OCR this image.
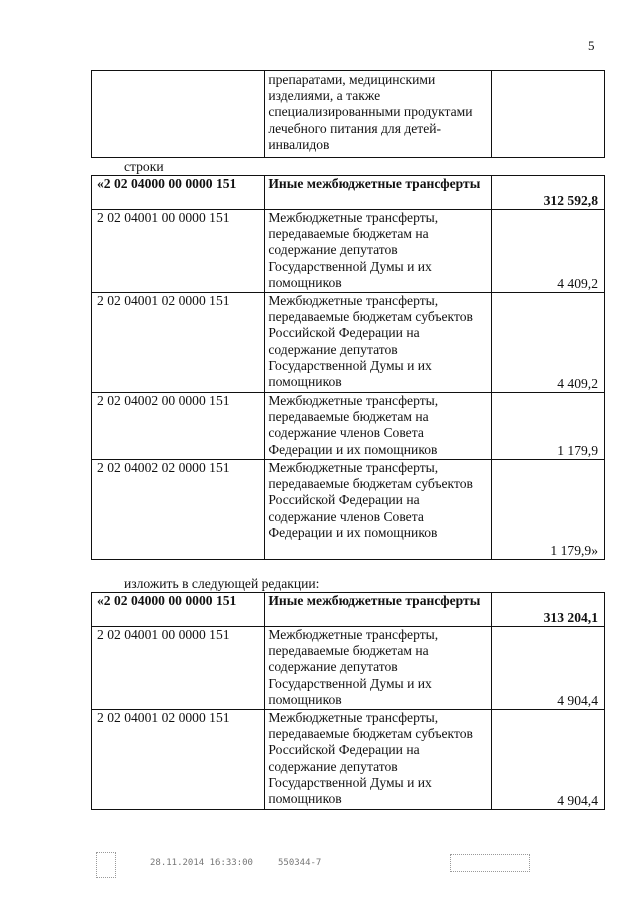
5
	препаратами, медицинскими изделиями, а также специализированными продуктами лечебного питания для детей-инвалидов	
строки
«2 02 04000 00 0000 151	Иные межбюджетные трансферты	312 592,8
2 02 04001 00 0000 151	Межбюджетные трансферты, передаваемые бюджетам на содержание депутатов Государственной Думы и их помощников	4 409,2
2 02 04001 02 0000 151	Межбюджетные трансферты, передаваемые бюджетам субъектов Российской Федерации на содержание депутатов Государственной Думы и их помощников	4 409,2
2 02 04002 00 0000 151	Межбюджетные трансферты, передаваемые бюджетам на содержание членов Совета Федерации и их помощников	1 179,9
2 02 04002 02 0000 151	Межбюджетные трансферты, передаваемые бюджетам субъектов Российской Федерации на содержание членов Совета Федерации и их помощников	1 179,9»
изложить в следующей редакции:
«2 02 04000 00 0000 151	Иные межбюджетные трансферты	313 204,1
2 02 04001 00 0000 151	Межбюджетные трансферты, передаваемые бюджетам на содержание депутатов Государственной Думы и их помощников	4 904,4
2 02 04001 02 0000 151	Межбюджетные трансферты, передаваемые бюджетам субъектов Российской Федерации на содержание депутатов Государственной Думы и их помощников	4 904,4
28.11.2014 16:33:00	550344-7
